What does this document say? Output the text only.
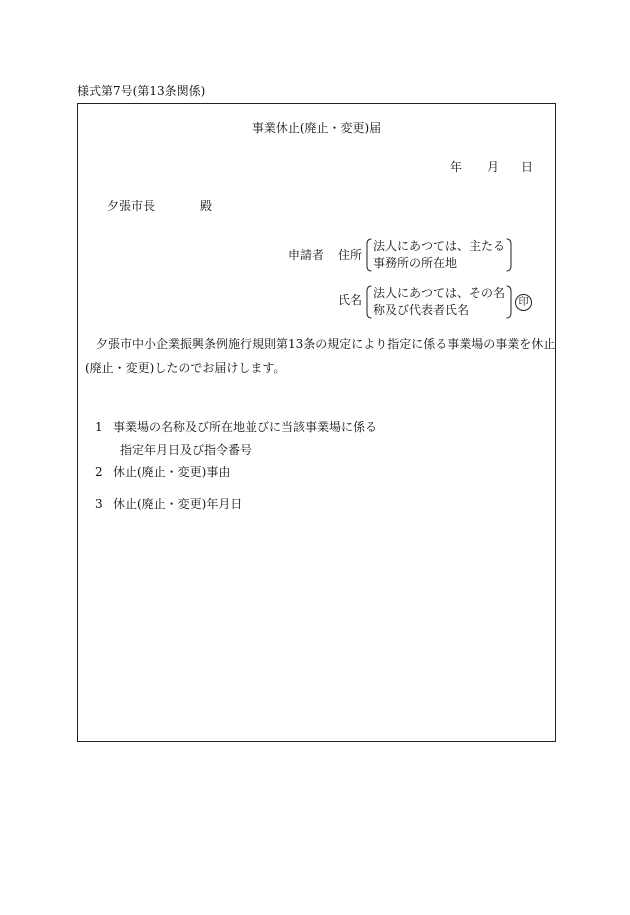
様式第7号(第13条関係)
事業休止(廃止・変更)届
年 月 日
夕張市長	殿
申請者 住所
法人にあつては、主たる
事務所の所在地
氏名 法人にあつては、その名
称及び代表者氏名
印
夕張市中小企業振興条例施行規則第13条の規定により指定に係る事業場の事業を休止
(廃止・変更)したのでお届けします。
1 事業場の名称及び所在地並びに当該事業場に係る
指定年月日及び指令番号
2 休止(廃止・変更)事由
3 休止(廃止・変更)年月日
